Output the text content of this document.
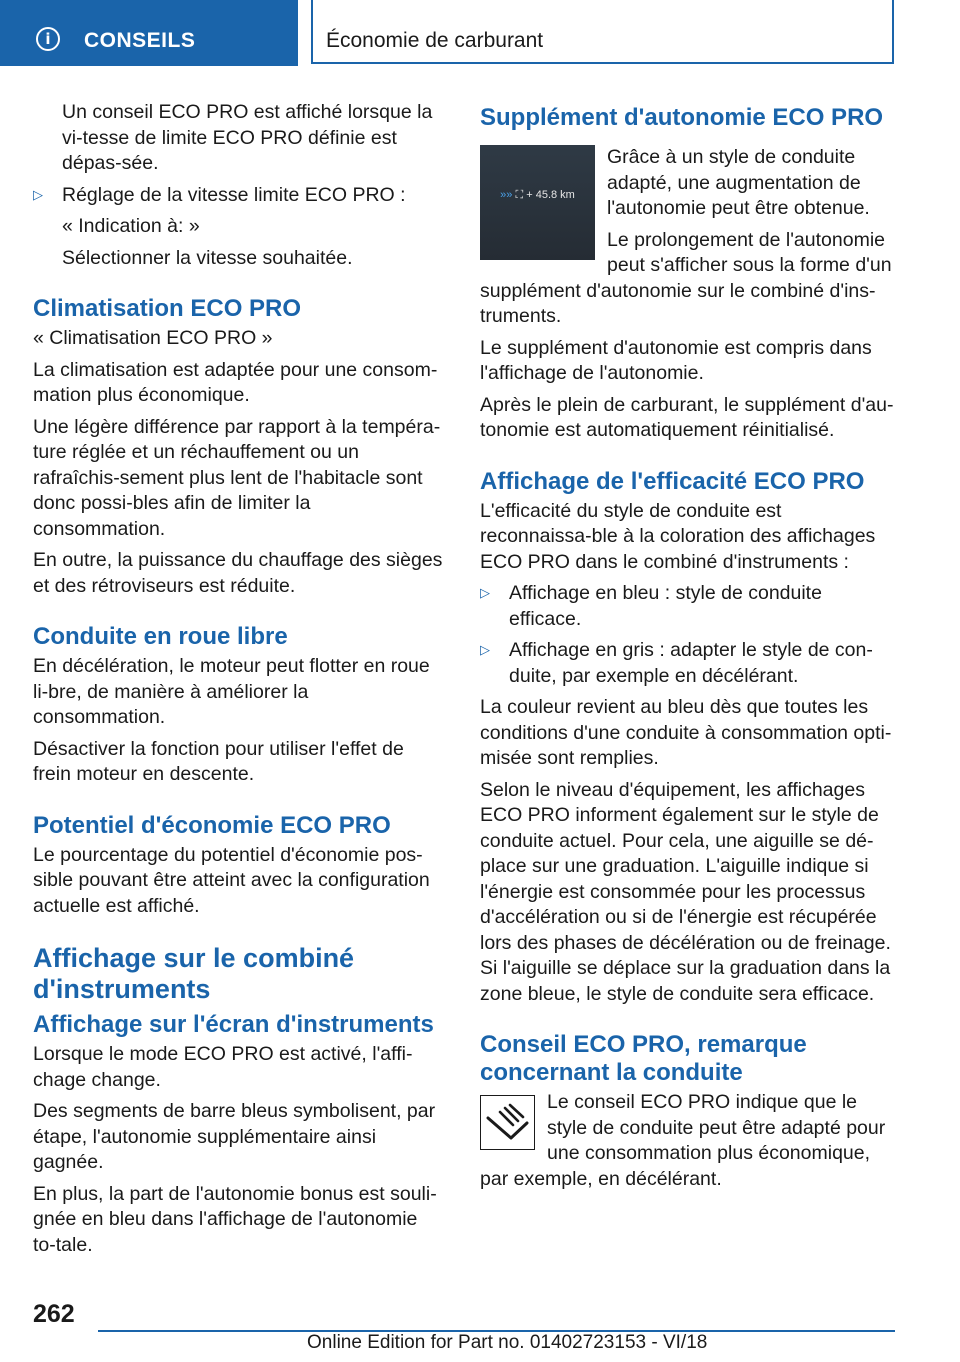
i	CONSEILS	Économie de carburant

Un conseil ECO PRO est affiché lorsque la vi‐tesse de limite ECO PRO définie est dépas‐sée.

▷ Réglage de la vitesse limite ECO PRO :

« Indication à: »

Sélectionner la vitesse souhaitée.

Climatisation ECO PRO

« Climatisation ECO PRO »

La climatisation est adaptée pour une consom‐mation plus économique.

Une légère différence par rapport à la tempéra‐ture réglée et un réchauffement ou un rafraîchis‐sement plus lent de l'habitacle sont donc possi‐bles afin de limiter la consommation.

En outre, la puissance du chauffage des sièges et des rétroviseurs est réduite.

Conduite en roue libre

En décélération, le moteur peut flotter en roue li‐bre, de manière à améliorer la consommation.

Désactiver la fonction pour utiliser l'effet de frein moteur en descente.

Potentiel d'économie ECO PRO

Le pourcentage du potentiel d'économie pos‐sible pouvant être atteint avec la configuration actuelle est affiché.

Affichage sur le combiné d'instruments
Affichage sur l'écran d'instruments

Lorsque le mode ECO PRO est activé, l'affi‐chage change.

Des segments de barre bleus symbolisent, par étape, l'autonomie supplémentaire ainsi gagnée.

En plus, la part de l'autonomie bonus est souli‐gnée en bleu dans l'affichage de l'autonomie to‐tale.

Supplément d'autonomie ECO PRO
»» ⛶ + 45.8 km

Grâce à un style de conduite adapté, une augmentation de l'autonomie peut être obtenue.

Le prolongement de l'autonomie peut s'afficher sous la forme d'un supplément d'autonomie sur le combiné d'ins‐truments.

Le supplément d'autonomie est compris dans l'affichage de l'autonomie.

Après le plein de carburant, le supplément d'au‐tonomie est automatiquement réinitialisé.

Affichage de l'efficacité ECO PRO

L'efficacité du style de conduite est reconnaissa‐ble à la coloration des affichages ECO PRO dans le combiné d'instruments :

▷ Affichage en bleu : style de conduite efficace.
▷ Affichage en gris : adapter le style de con‐duite, par exemple en décélérant.

La couleur revient au bleu dès que toutes les conditions d'une conduite à consommation opti‐misée sont remplies.

Selon le niveau d'équipement, les affichages ECO PRO informent également sur le style de conduite actuel. Pour cela, une aiguille se dé‐place sur une graduation. L'aiguille indique si l'énergie est consommée pour les processus d'accélération ou si de l'énergie est récupérée lors des phases de décélération ou de freinage. Si l'aiguille se déplace sur la graduation dans la zone bleue, le style de conduite sera efficace.

Conseil ECO PRO, remarque concernant la conduite

Le conseil ECO PRO indique que le style de conduite peut être adapté pour une consommation plus économique, par exemple, en décélérant.

262
Online Edition for Part no. 01402723153 - VI/18
